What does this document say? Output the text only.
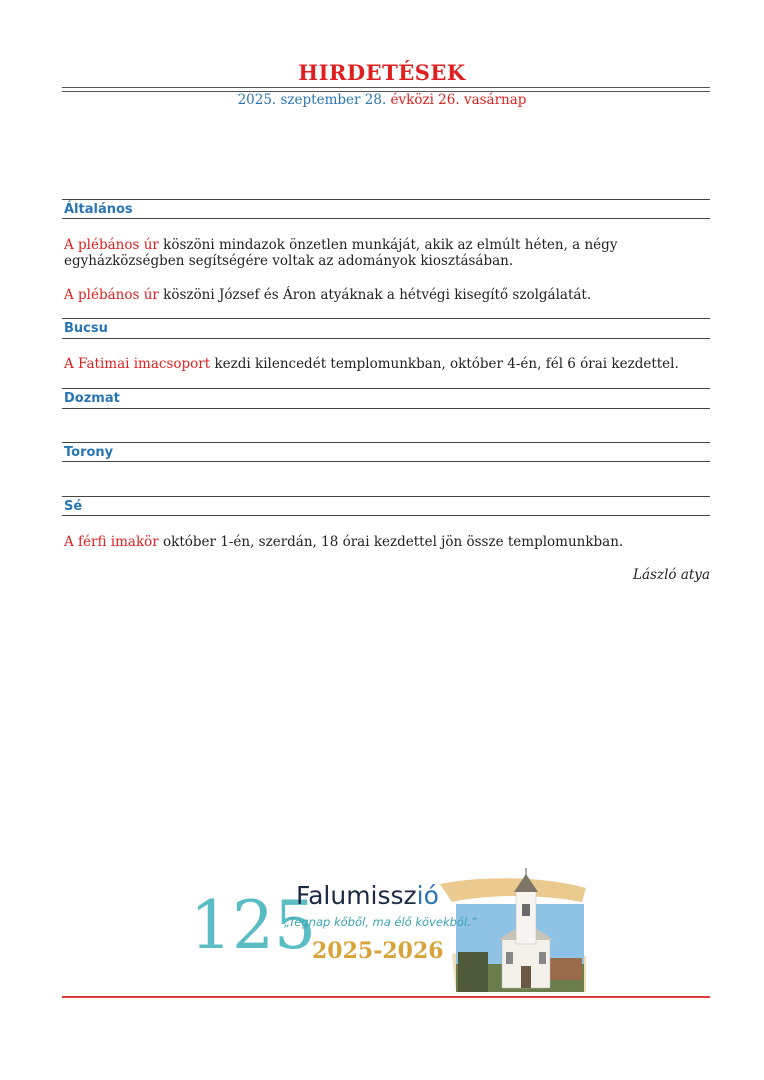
HIRDETÉSEK
2025. szeptember 28. évközi 26. vasárnap
Általános
A plébános úr köszöni mindazok önzetlen munkáját, akik az elmúlt héten, a négy egyházközségben segítségére voltak az adományok kiosztásában.
A plébános úr köszöni József és Áron atyáknak a hétvégi kisegítő szolgálatát.
Bucsu
A Fatimai imacsoport kezdi kilencedét templomunkban, október 4-én, fél 6 órai kezdettel.
Dozmat
Torony
Sé
A férfi imakör október 1-én, szerdán, 18 órai kezdettel jön össze templomunkban.
László atya
125
Falumisszió
„Tegnap kőből, ma élő kövekből.”
2025-2026
